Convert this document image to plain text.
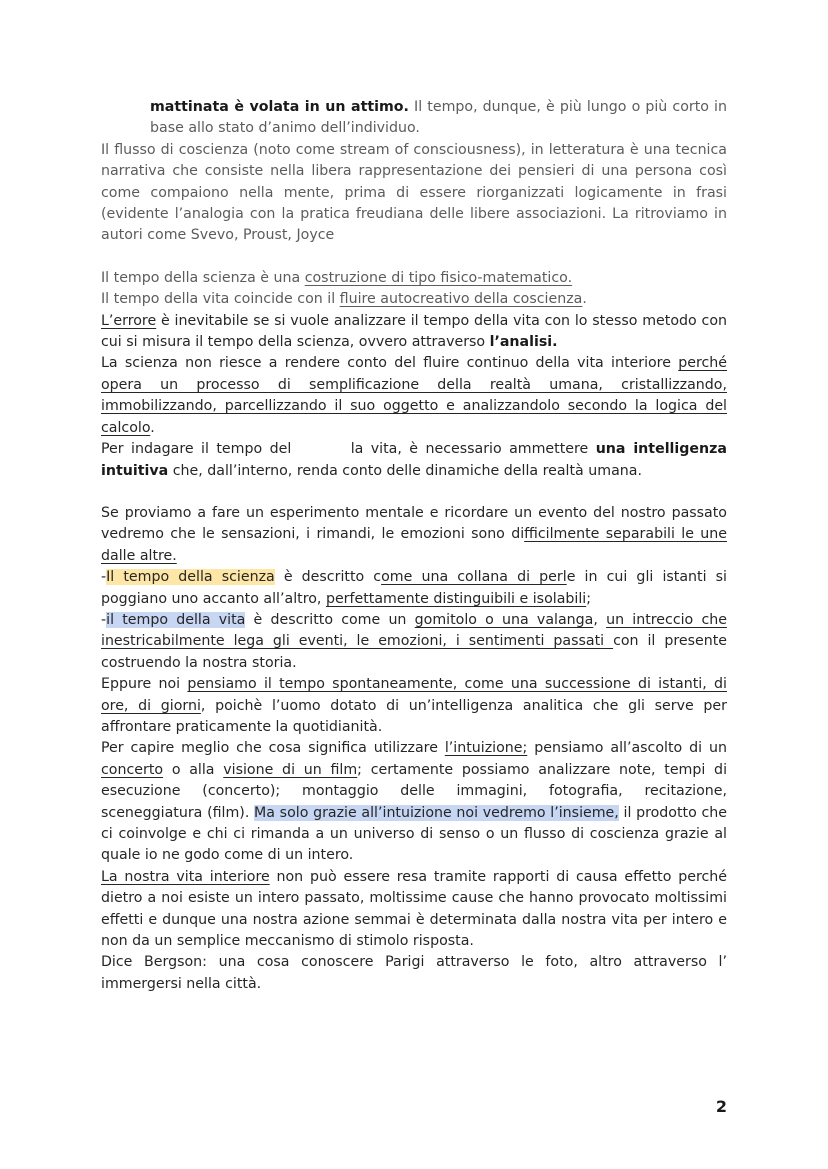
mattinata è volata in un attimo. Il tempo, dunque, è più lungo o più corto in base allo stato d’animo dell’individuo.

Il flusso di coscienza (noto come stream of consciousness), in letteratura è una tecnica narrativa che consiste nella libera rappresentazione dei pensieri di una persona così come compaiono nella mente, prima di essere riorganizzati logicamente in frasi (evidente l’analogia con la pratica freudiana delle libere associazioni. La ritroviamo in autori come Svevo, Proust, Joyce

Il tempo della scienza è una costruzione di tipo fisico-matematico.

Il tempo della vita coincide con il fluire autocreativo della coscienza.

L’errore è inevitabile se si vuole analizzare il tempo della vita con lo stesso metodo con cui si misura il tempo della scienza, ovvero attraverso l’analisi.

La scienza non riesce a rendere conto del fluire continuo della vita interiore perché opera un processo di semplificazione della realtà umana, cristallizzando, immobilizzando, parcellizzando il suo oggetto e analizzandolo secondo la logica del calcolo.

Per indagare il tempo del        la vita, è necessario ammettere una intelligenza intuitiva che, dall’interno, renda conto delle dinamiche della realtà umana.

Se proviamo a fare un esperimento mentale e ricordare un evento del nostro passato vedremo che le sensazioni, i rimandi, le emozioni sono difficilmente separabili le une dalle altre.

-Il tempo della scienza è descritto come una collana di perle in cui gli istanti si poggiano uno accanto all’altro, perfettamente distinguibili e isolabili;

-il tempo della vita è descritto come un gomitolo o una valanga, un intreccio che inestricabilmente lega gli eventi, le emozioni, i sentimenti passati con il presente costruendo la nostra storia.

Eppure noi pensiamo il tempo spontaneamente, come una successione di istanti, di ore, di giorni, poichè l’uomo dotato di un’intelligenza analitica che gli serve per affrontare praticamente la quotidianità.

Per capire meglio che cosa significa utilizzare l’intuizione; pensiamo all’ascolto di un concerto o alla visione di un film; certamente possiamo analizzare note, tempi di esecuzione (concerto); montaggio delle immagini, fotografia, recitazione, sceneggiatura (film). Ma solo grazie all’intuizione noi vedremo l’insieme, il prodotto che ci coinvolge e chi ci rimanda a un universo di senso o un flusso di coscienza grazie al quale io ne godo come di un intero.

La nostra vita interiore non può essere resa tramite rapporti di causa effetto perché dietro a noi esiste un intero passato, moltissime cause che hanno provocato moltissimi effetti e dunque una nostra azione semmai è determinata dalla nostra vita per intero e non da un semplice meccanismo di stimolo risposta.

Dice Bergson: una cosa conoscere Parigi attraverso le foto, altro attraverso l’ immergersi nella città.

2
